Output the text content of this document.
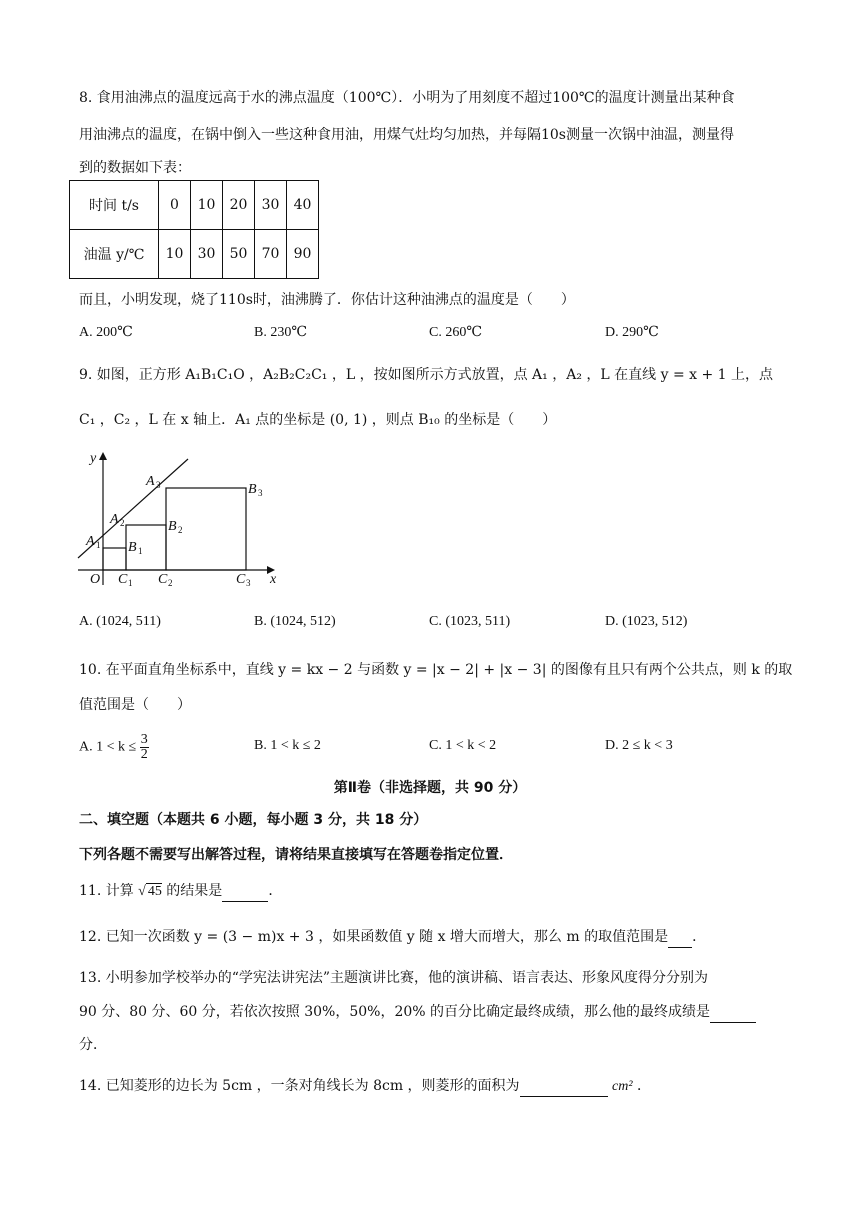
8. 食用油沸点的温度远高于水的沸点温度（100℃）．小明为了用刻度不超过100℃的温度计测量出某种食
用油沸点的温度，在锅中倒入一些这种食用油，用煤气灶均匀加热，并每隔10s测量一次锅中油温，测量得
到的数据如下表：
时间 t/s	0	10	20	30	40
油温 y/℃	10	30	50	70	90
而且，小明发现，烧了110s时，油沸腾了．你估计这种油沸点的温度是（　　）
A. 200℃	B. 230℃	C. 260℃	D. 290℃
9. 如图，正方形 A₁B₁C₁O ，A₂B₂C₂C₁ ，L ，按如图所示方式放置，点 A₁ ，A₂ ，L 在直线 y = x + 1 上，点
C₁ ，C₂ ，L 在 x 轴上．A₁ 点的坐标是 (0, 1) ，则点 B₁₀ 的坐标是（　　）
y
x
O
A 1
A 2
A 3
B 1
B 2
B 3
C 1 C 2	C 3
A. (1024, 511)	B. (1024, 512)	C. (1023, 511)	D. (1023, 512)
10. 在平面直角坐标系中，直线 y = kx − 2 与函数 y = |x − 2| + |x − 3| 的图像有且只有两个公共点，则 k 的取
值范围是（　　）
A. $1 < k \le \frac{3}{2}$	B. 1 < k ≤ 2	C. 1 < k < 2	D. 2 ≤ k < 3
第Ⅱ卷（非选择题，共 90 分）
二、填空题（本题共 6 小题，每小题 3 分，共 18 分）
下列各题不需要写出解答过程，请将结果直接填写在答题卷指定位置．
11. 计算 √ 45 的结果是	．
12. 已知一次函数 y = (3 − m)x + 3 ，如果函数值 y 随 x 增大而增大，那么 m 的取值范围是 ．
13. 小明参加学校举办的“学宪法讲宪法”主题演讲比赛，他的演讲稿、语言表达、形象风度得分分别为
90 分、80 分、60 分，若依次按照 30%，50%，20% 的百分比确定最终成绩，那么他的最终成绩是
分．
14. 已知菱形的边长为 5cm ，一条对角线长为 8cm ，则菱形的面积为	cm² ．
